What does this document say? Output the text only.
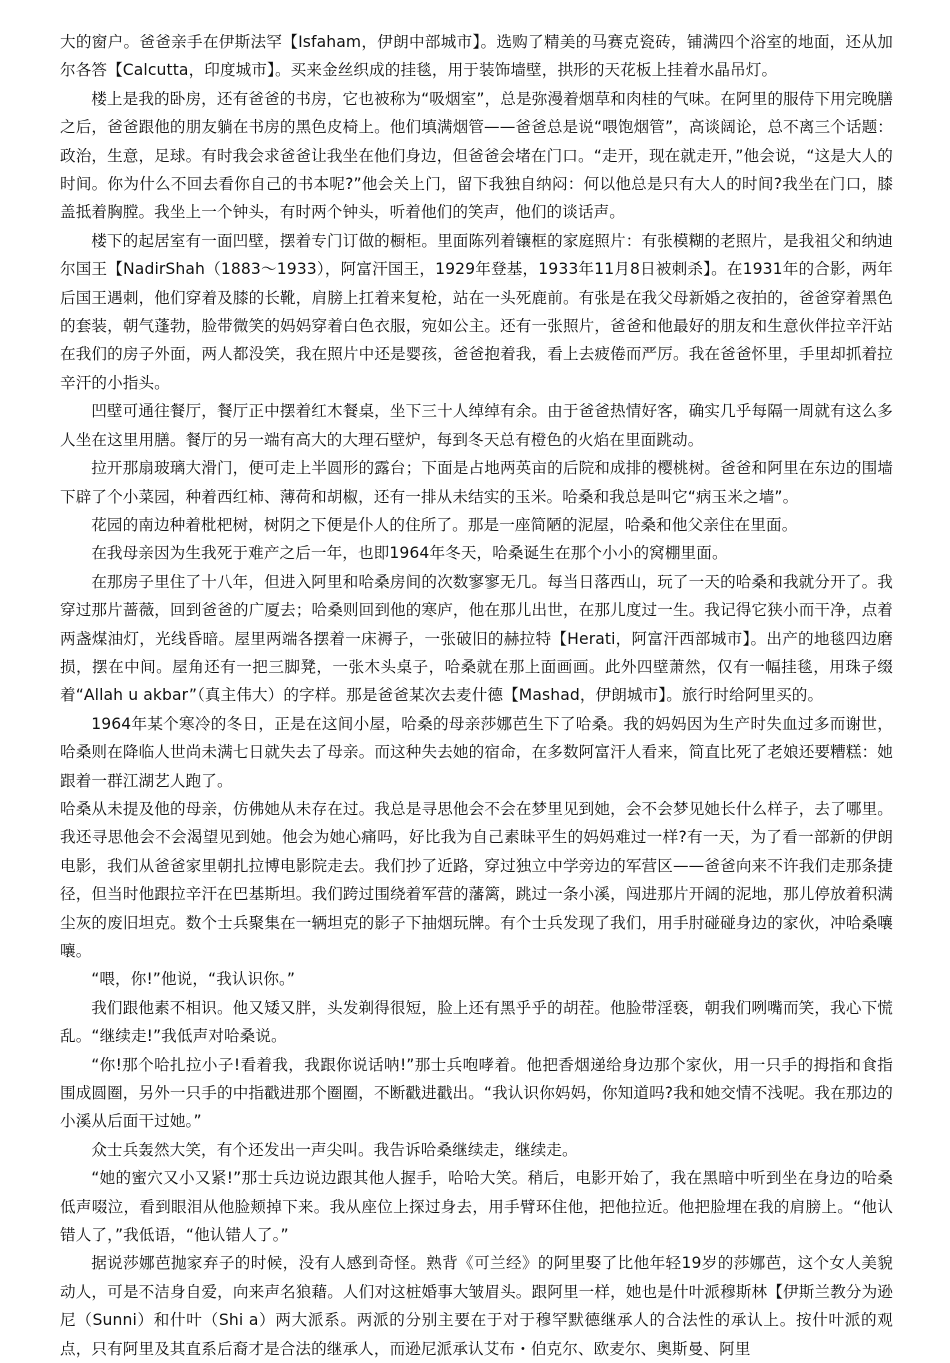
大的窗户。爸爸亲手在伊斯法罕【Isfaham，伊朗中部城市】。选购了精美的马赛克瓷砖，铺满四个浴室的地面，还从加尔各答【Calcutta，印度城市】。买来金丝织成的挂毯，用于装饰墙壁，拱形的天花板上挂着水晶吊灯。

楼上是我的卧房，还有爸爸的书房，它也被称为“吸烟室”，总是弥漫着烟草和肉桂的气味。在阿里的服侍下用完晚膳之后，爸爸跟他的朋友躺在书房的黑色皮椅上。他们填满烟管——爸爸总是说“喂饱烟管”，高谈阔论，总不离三个话题：政治，生意，足球。有时我会求爸爸让我坐在他们身边，但爸爸会堵在门口。“走开，现在就走开，”他会说，“这是大人的时间。你为什么不回去看你自己的书本呢?”他会关上门，留下我独自纳闷：何以他总是只有大人的时间?我坐在门口，膝盖抵着胸膛。我坐上一个钟头，有时两个钟头，听着他们的笑声，他们的谈话声。

楼下的起居室有一面凹壁，摆着专门订做的橱柜。里面陈列着镶框的家庭照片：有张模糊的老照片，是我祖父和纳迪尔国王【NadirShah（1883～1933），阿富汗国王，1929年登基，1933年11月8日被刺杀】。在1931年的合影，两年后国王遇刺，他们穿着及膝的长靴，肩膀上扛着来复枪，站在一头死鹿前。有张是在我父母新婚之夜拍的，爸爸穿着黑色的套装，朝气蓬勃，脸带微笑的妈妈穿着白色衣服，宛如公主。还有一张照片，爸爸和他最好的朋友和生意伙伴拉辛汗站在我们的房子外面，两人都没笑，我在照片中还是婴孩，爸爸抱着我，看上去疲倦而严厉。我在爸爸怀里，手里却抓着拉辛汗的小指头。

凹壁可通往餐厅，餐厅正中摆着红木餐桌，坐下三十人绰绰有余。由于爸爸热情好客，确实几乎每隔一周就有这么多人坐在这里用膳。餐厅的另一端有高大的大理石壁炉，每到冬天总有橙色的火焰在里面跳动。

拉开那扇玻璃大滑门，便可走上半圆形的露台；下面是占地两英亩的后院和成排的樱桃树。爸爸和阿里在东边的围墙下辟了个小菜园，种着西红柿、薄荷和胡椒，还有一排从未结实的玉米。哈桑和我总是叫它“病玉米之墙”。

花园的南边种着枇杷树，树阴之下便是仆人的住所了。那是一座简陋的泥屋，哈桑和他父亲住在里面。

在我母亲因为生我死于难产之后一年，也即1964年冬天，哈桑诞生在那个小小的窝棚里面。

在那房子里住了十八年，但进入阿里和哈桑房间的次数寥寥无几。每当日落西山，玩了一天的哈桑和我就分开了。我穿过那片蔷薇，回到爸爸的广厦去；哈桑则回到他的寒庐，他在那儿出世，在那儿度过一生。我记得它狭小而干净，点着两盏煤油灯，光线昏暗。屋里两端各摆着一床褥子，一张破旧的赫拉特【Herati，阿富汗西部城市】。出产的地毯四边磨损，摆在中间。屋角还有一把三脚凳，一张木头桌子，哈桑就在那上面画画。此外四壁萧然，仅有一幅挂毯，用珠子缀着“Allah u akbar”（真主伟大）的字样。那是爸爸某次去麦什德【Mashad，伊朗城市】。旅行时给阿里买的。

1964年某个寒冷的冬日，正是在这间小屋，哈桑的母亲莎娜芭生下了哈桑。我的妈妈因为生产时失血过多而谢世，哈桑则在降临人世尚未满七日就失去了母亲。而这种失去她的宿命，在多数阿富汗人看来，简直比死了老娘还要糟糕：她跟着一群江湖艺人跑了。

哈桑从未提及他的母亲，仿佛她从未存在过。我总是寻思他会不会在梦里见到她，会不会梦见她长什么样子，去了哪里。我还寻思他会不会渴望见到她。他会为她心痛吗，好比我为自己素昧平生的妈妈难过一样?有一天，为了看一部新的伊朗电影，我们从爸爸家里朝扎拉博电影院走去。我们抄了近路，穿过独立中学旁边的军营区——爸爸向来不许我们走那条捷径，但当时他跟拉辛汗在巴基斯坦。我们跨过围绕着军营的藩篱，跳过一条小溪，闯进那片开阔的泥地，那儿停放着积满尘灰的废旧坦克。数个士兵聚集在一辆坦克的影子下抽烟玩牌。有个士兵发现了我们，用手肘碰碰身边的家伙，冲哈桑嚷嚷。

“喂，你!”他说，“我认识你。”

我们跟他素不相识。他又矮又胖，头发剃得很短，脸上还有黑乎乎的胡茬。他脸带淫亵，朝我们咧嘴而笑，我心下慌乱。“继续走!”我低声对哈桑说。

“你!那个哈扎拉小子!看着我，我跟你说话呐!”那士兵咆哮着。他把香烟递给身边那个家伙，用一只手的拇指和食指围成圆圈，另外一只手的中指戳进那个圈圈，不断戳进戳出。“我认识你妈妈，你知道吗?我和她交情不浅呢。我在那边的小溪从后面干过她。”

众士兵轰然大笑，有个还发出一声尖叫。我告诉哈桑继续走，继续走。

“她的蜜穴又小又紧!”那士兵边说边跟其他人握手，哈哈大笑。稍后，电影开始了，我在黑暗中听到坐在身边的哈桑低声啜泣，看到眼泪从他脸颊掉下来。我从座位上探过身去，用手臂环住他，把他拉近。他把脸埋在我的肩膀上。“他认错人了，”我低语，“他认错人了。”

据说莎娜芭抛家弃子的时候，没有人感到奇怪。熟背《可兰经》的阿里娶了比他年轻19岁的莎娜芭，这个女人美貌动人，可是不洁身自爱，向来声名狼藉。人们对这桩婚事大皱眉头。跟阿里一样，她也是什叶派穆斯林【伊斯兰教分为逊尼（Sunni）和什叶（Shi a）两大派系。两派的分别主要在于对于穆罕默德继承人的合法性的承认上。按什叶派的观点，只有阿里及其直系后裔才是合法的继承人，而逊尼派承认艾布・伯克尔、欧麦尔、奥斯曼、阿里
